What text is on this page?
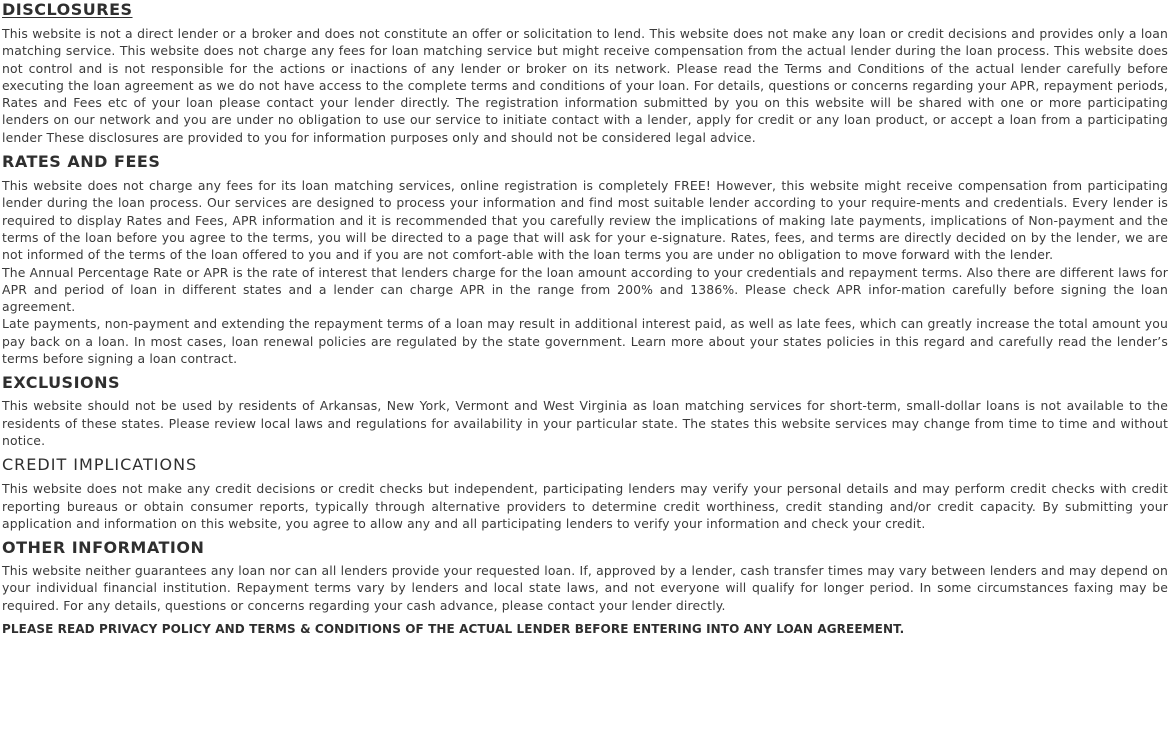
DISCLOSURES

This website is not a direct lender or a broker and does not constitute an offer or solicitation to lend. This website does not make any loan or credit decisions and provides only a loan matching service. This website does not charge any fees for loan matching service but might receive compensation from the actual lender during the loan process. This website does not control and is not responsible for the actions or inactions of any lender or broker on its network. Please read the Terms and Conditions of the actual lender carefully before executing the loan agreement as we do not have access to the complete terms and conditions of your loan. For details, questions or concerns regarding your APR, repayment periods, Rates and Fees etc of your loan please contact your lender directly. The registration information submitted by you on this website will be shared with one or more participating lenders on our network and you are under no obligation to use our service to initiate contact with a lender, apply for credit or any loan product, or accept a loan from a participating lender These disclosures are provided to you for information purposes only and should not be considered legal advice.

RATES AND FEES

This website does not charge any fees for its loan matching services, online registration is completely FREE! However, this website might receive compensation from participating lender during the loan process. Our services are designed to process your information and find most suitable lender according to your require-ments and credentials. Every lender is required to display Rates and Fees, APR information and it is recommended that you carefully review the implications of making late payments, implications of Non-payment and the terms of the loan before you agree to the terms, you will be directed to a page that will ask for your e-signature. Rates, fees, and terms are directly decided on by the lender, we are not informed of the terms of the loan offered to you and if you are not comfort-able with the loan terms you are under no obligation to move forward with the lender.

The Annual Percentage Rate or APR is the rate of interest that lenders charge for the loan amount according to your credentials and repayment terms. Also there are different laws for APR and period of loan in different states and a lender can charge APR in the range from 200% and 1386%. Please check APR infor-mation carefully before signing the loan agreement.

Late payments, non-payment and extending the repayment terms of a loan may result in additional interest paid, as well as late fees, which can greatly increase the total amount you pay back on a loan. In most cases, loan renewal policies are regulated by the state government. Learn more about your states policies in this regard and carefully read the lender’s terms before signing a loan contract.

EXCLUSIONS

This website should not be used by residents of Arkansas, New York, Vermont and West Virginia as loan matching services for short-term, small-dollar loans is not available to the residents of these states. Please review local laws and regulations for availability in your particular state. The states this website services may change from time to time and without notice.

CREDIT IMPLICATIONS

This website does not make any credit decisions or credit checks but independent, participating lenders may verify your personal details and may perform credit checks with credit reporting bureaus or obtain consumer reports, typically through alternative providers to determine credit worthiness, credit standing and/or credit capacity. By submitting your application and information on this website, you agree to allow any and all participating lenders to verify your information and check your credit.

OTHER INFORMATION

This website neither guarantees any loan nor can all lenders provide your requested loan. If, approved by a lender, cash transfer times may vary between lenders and may depend on your individual financial institution. Repayment terms vary by lenders and local state laws, and not everyone will qualify for longer period. In some circumstances faxing may be required. For any details, questions or concerns regarding your cash advance, please contact your lender directly.

PLEASE READ PRIVACY POLICY AND TERMS & CONDITIONS OF THE ACTUAL LENDER BEFORE ENTERING INTO ANY LOAN AGREEMENT.
